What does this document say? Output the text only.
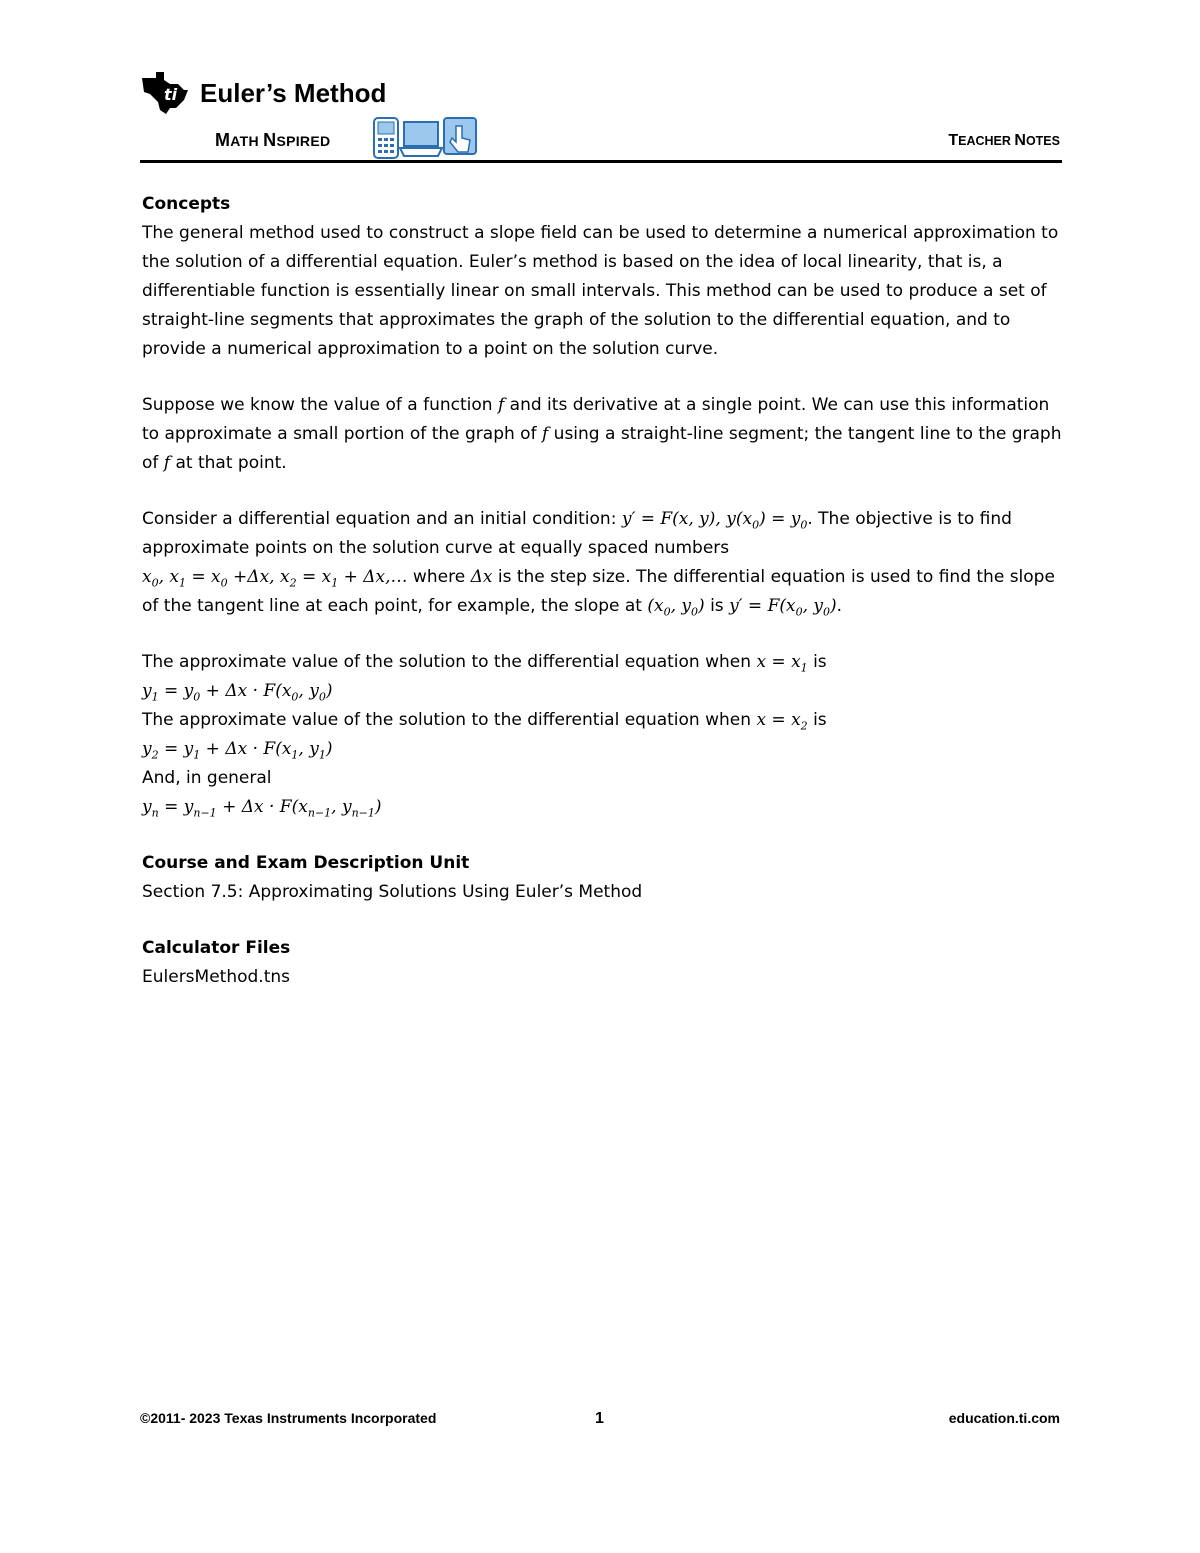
ti Euler’s Method
MATH NSPIRED	TEACHER NOTES

Concepts

The general method used to construct a slope field can be used to determine a numerical approximation to the solution of a differential equation. Euler’s method is based on the idea of local linearity, that is, a differentiable function is essentially linear on small intervals. This method can be used to produce a set of straight-line segments that approximates the graph of the solution to the differential equation, and to provide a numerical approximation to a point on the solution curve.

Suppose we know the value of a function f and its derivative at a single point. We can use this information to approximate a small portion of the graph of f using a straight-line segment; the tangent line to the graph of f at that point.

Consider a differential equation and an initial condition: y′ = F(x, y), $y(x_0) = y_0$. The objective is to find approximate points on the solution curve at equally spaced numbers
$x_0$, $x_1 = x_0 +\Delta x$, $x_2 = x_1$ + Δx,… where Δx is the step size. The differential equation is used to find the slope of the tangent line at each point, for example, the slope at ($x_0$, $y_0$) is $y' = F(x_0$, $y_0$).

The approximate value of the solution to the differential equation when $x = x_1$ is

$y_1 = y_0 + \Delta x \cdot F(x_0$, $y_0$)

The approximate value of the solution to the differential equation when $x = x_2$ is

$y_2 = y_1 + \Delta x \cdot F(x_1$, $y_1$)

And, in general

$y_n = y_{n-1} + \Delta x \cdot F(x_{n-1}$, $y_{n-1}$)

Course and Exam Description Unit

Section 7.5: Approximating Solutions Using Euler’s Method

Calculator Files

EulersMethod.tns

©2011- 2023 Texas Instruments Incorporated	1	education.ti.com
